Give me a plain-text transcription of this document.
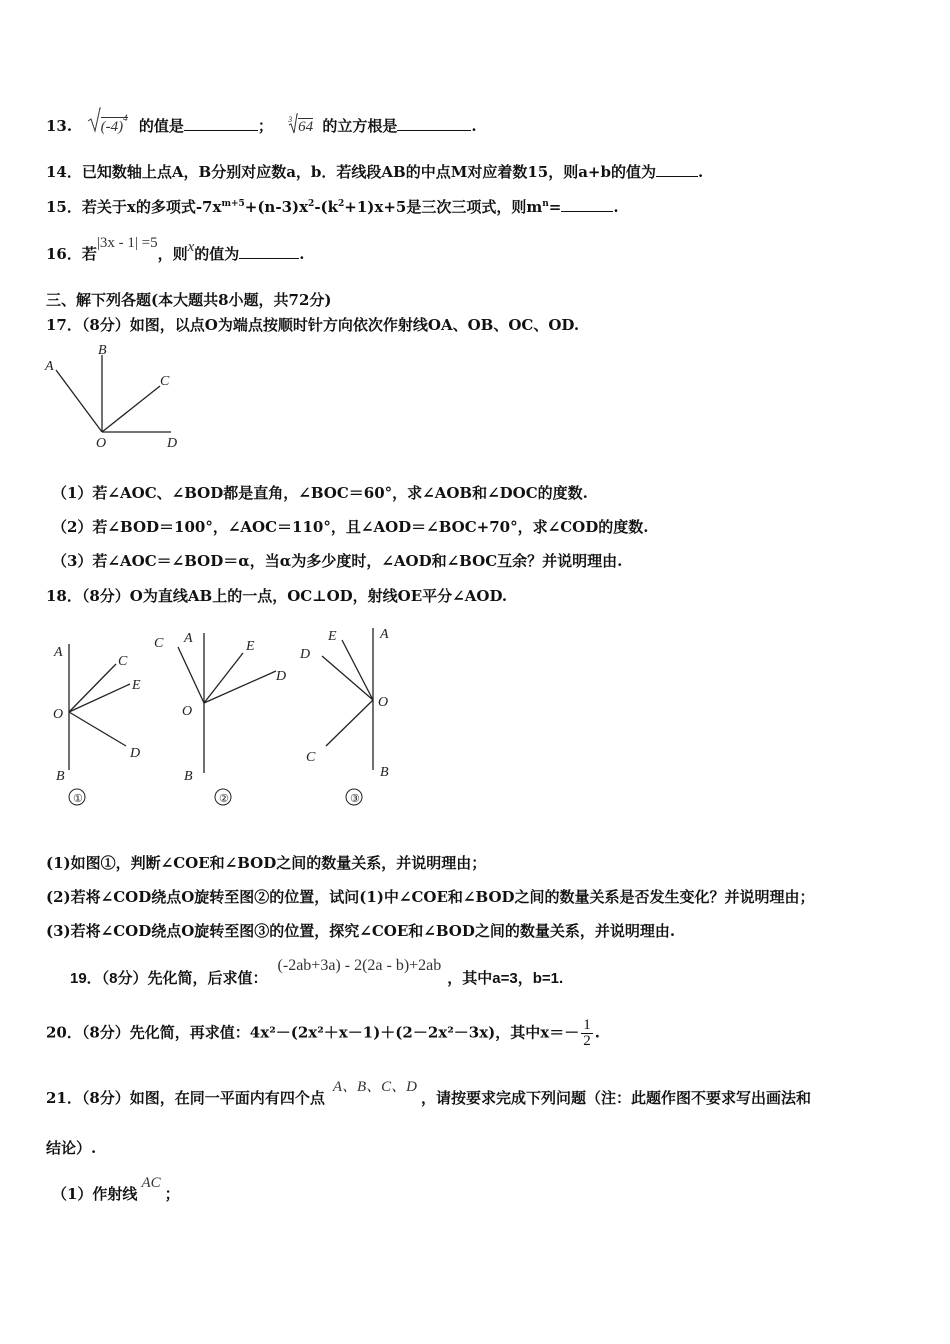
13. $(-4)^4$ 的值是	； 3 64 的立方根是	.
14．已知数轴上点A，B分别对应数a，b．若线段AB的中点M对应着数15，则a+b的值为	.
15．若关于x的多项式$-7x^{m+5}+(n-3)x^2-(k^2+1)x+5$是三次三项式，则$m^n=$	.
16．若|3x - 1| =5，则x的值为	.
三、解下列各题(本大题共8小题，共72分)
17．（8分）如图，以点O为端点按顺时针方向依次作射线OA、OB、OC、OD.
A
B
C
O	D
（1）若∠AOC、∠BOD都是直角，∠BOC＝60°，求∠AOB和∠DOC的度数.
（2）若∠BOD＝100°，∠AOC＝110°，且∠AOD＝∠BOC+70°，求∠COD的度数.
（3）若∠AOC＝∠BOD＝α，当α为多少度时，∠AOD和∠BOC互余？并说明理由.
18．（8分）O为直线AB上的一点，OC⊥OD，射线OE平分∠AOD.
A
C
E
O
D
B
①
C A
E
D
O
B
②
E	A
D
O
C
B
③
(1)如图①，判断∠COE和∠BOD之间的数量关系，并说明理由；
(2)若将∠COD绕点O旋转至图②的位置，试问(1)中∠COE和∠BOD之间的数量关系是否发生变化？并说明理由；
(3)若将∠COD绕点O旋转至图③的位置，探究∠COE和∠BOD之间的数量关系，并说明理由.
19．（8分）先化简，后求值：(-2ab+3a) - 2(2a - b)+2ab，其中a=3，b=1.
20．（8分）先化简，再求值：4x²－(2x²＋x－1)＋(2－2x²－3x)，其中$x=- \frac{1}{2}$ .
21．（8分）如图，在同一平面内有四个点A、B、C、D，请按要求完成下列问题（注：此题作图不要求写出画法和
结论）.
（1）作射线AC；
